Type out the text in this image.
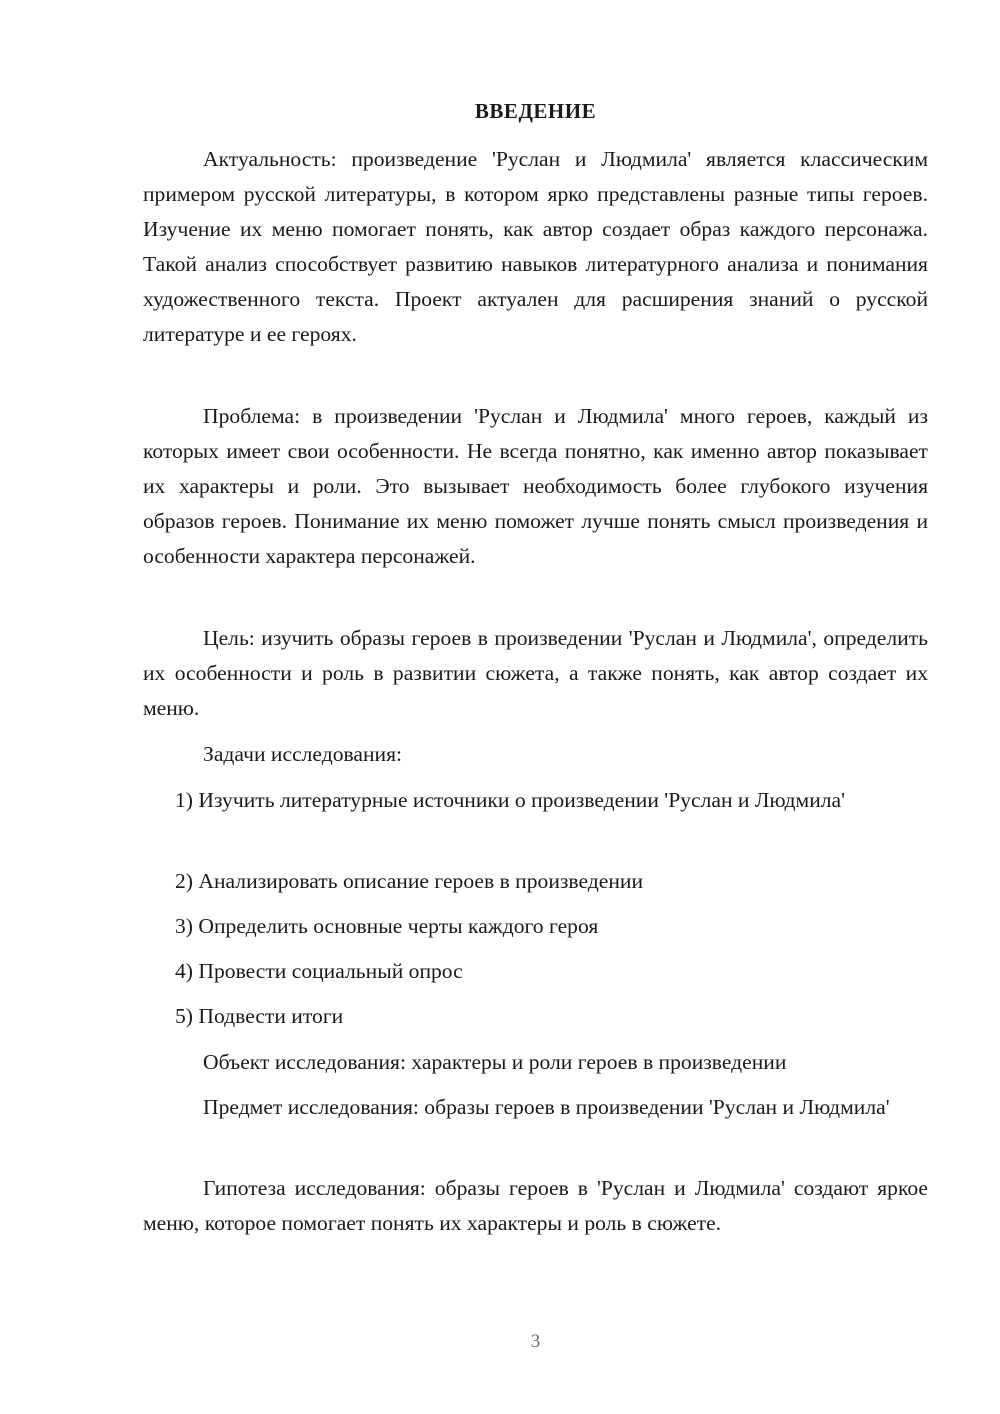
ВВЕДЕНИЕ

Актуальность: произведение 'Руслан и Людмила' является классическим примером русской литературы, в котором ярко представлены разные типы героев. Изучение их меню помогает понять, как автор создает образ каждого персонажа. Такой анализ способствует развитию навыков литературного анализа и понимания художественного текста. Проект актуален для расширения знаний о русской литературе и ее героях.

Проблема: в произведении 'Руслан и Людмила' много героев, каждый из которых имеет свои особенности. Не всегда понятно, как именно автор показывает их характеры и роли. Это вызывает необходимость более глубокого изучения образов героев. Понимание их меню поможет лучше понять смысл произведения и особенности характера персонажей.

Цель: изучить образы героев в произведении 'Руслан и Людмила', определить их особенности и роль в развитии сюжета, а также понять, как автор создает их меню.

Задачи исследования:

1) Изучить литературные источники о произведении 'Руслан и Людмила'

2) Анализировать описание героев в произведении

3) Определить основные черты каждого героя

4) Провести социальный опрос

5) Подвести итоги

Объект исследования: характеры и роли героев в произведении

Предмет исследования: образы героев в произведении 'Руслан и Людмила'

Гипотеза исследования: образы героев в 'Руслан и Людмила' создают яркое меню, которое помогает понять их характеры и роль в сюжете.

3
